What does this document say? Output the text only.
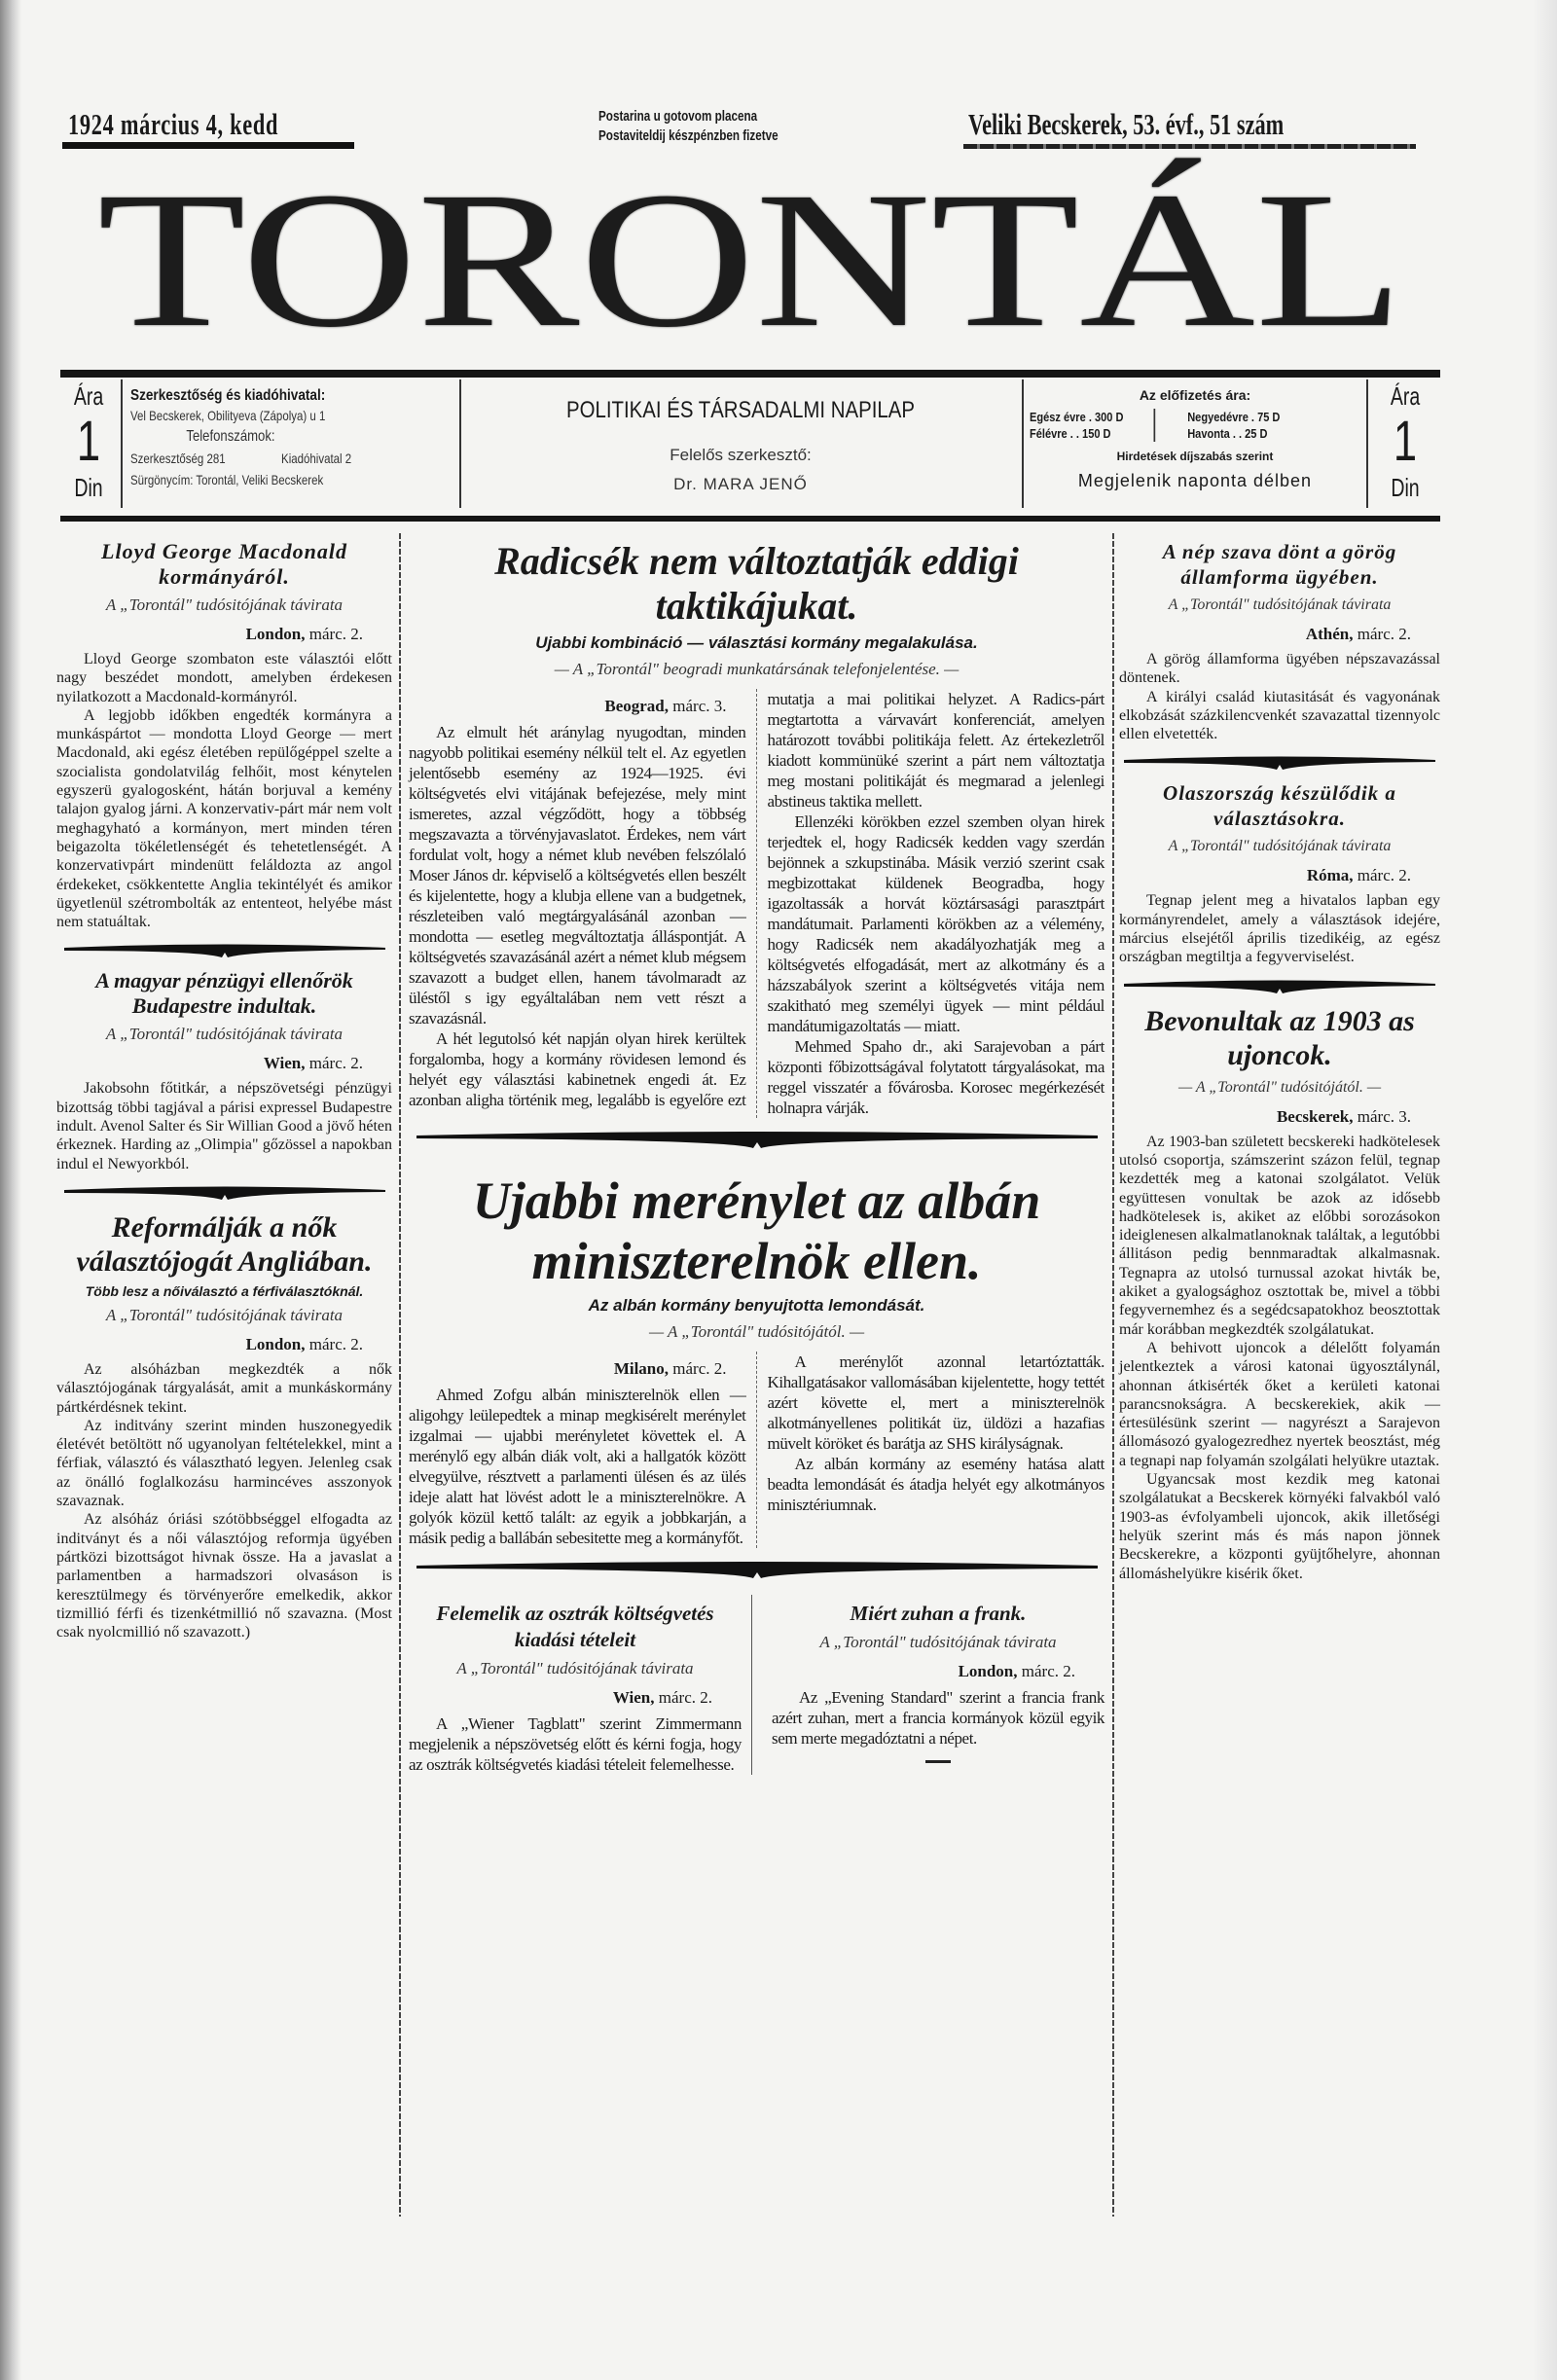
1924 március 4, kedd	Postarina u gotovom placena
Postaviteldij készpénzben fizetve	Veliki Becskerek, 53. évf., 51 szám
TORONTÁL
Ára
1
Din
Szerkesztőség és kiadóhivatal:
Vel Becskerek, Obilityeva (Zápolya) u 1
Telefonszámok:
Szerkesztőség 281	Kiadóhivatal 2
Sürgönycím: Torontál, Veliki Becskerek
POLITIKAI ÉS TÁRSADALMI NAPILAP
Felelős szerkesztő:
Dr. MARA JENŐ
Az előfizetés ára:
Egész évre . 300 D
Félévre . . 150 D
Negyedévre . 75 D
Havonta . . 25 D
Hirdetések díjszabás szerint
Megjelenik naponta délben
Ára
1
Din
Lloyd George Macdonald kormányáról.
A „Torontál" tudósitójának távirata
London, márc. 2.

Lloyd George szombaton este választói előtt nagy beszédet mondott, amelyben érdekesen nyilatkozott a Macdonald-kormányról.

A legjobb időkben engedték kormányra a munkáspártot — mondotta Lloyd George — mert Macdonald, aki egész életében repülőgéppel szelte a szocialista gondolatvilág felhőit, most kénytelen egyszerü gyalogosként, hátán borjuval a kemény talajon gyalog járni. A konzervativ-párt már nem volt meghagyható a kormányon, mert minden téren beigazolta tökéletlenségét és tehetetlenségét. A konzervativpárt mindenütt feláldozta az angol érdekeket, csökkentette Anglia tekintélyét és amikor ügyetlenül szétrombolták az ententeot, helyébe mást nem statuáltak.

A magyar pénzügyi ellenőrök Budapestre indultak.
A „Torontál" tudósitójának távirata
Wien, márc. 2.

Jakobsohn főtitkár, a népszövetségi pénzügyi bizottság többi tagjával a párisi expressel Budapestre indult. Avenol Salter és Sir Willian Good a jövő héten érkeznek. Harding az „Olimpia" gőzössel a napokban indul el Newyorkból.

Reformálják a nők választójogát Angliában.
Több lesz a nőiválasztó a férfiválasztóknál.
A „Torontál" tudósitójának távirata
London, márc. 2.

Az alsóházban megkezdték a nők választójogának tárgyalását, amit a munkáskormány pártkérdésnek tekint.

Az inditvány szerint minden huszonegyedik életévét betöltött nő ugyanolyan feltételekkel, mint a férfiak, választó és választható legyen. Jelenleg csak az önálló foglalkozásu harmincéves asszonyok szavaznak.

Az alsóház óriási szótöbbséggel elfogadta az inditványt és a női választójog reformja ügyében pártközi bizottságot hivnak össze. Ha a javaslat a parlamentben a harmadszori olvasáson is keresztülmegy és törvényerőre emelkedik, akkor tizmillió férfi és tizenkétmillió nő szavazna. (Most csak nyolcmillió nő szavazott.)

Radicsék nem változtatják eddigi taktikájukat.
Ujabbi kombináció — választási kormány megalakulása.
— A „Torontál" beogradi munkatársának telefonjelentése. —
Beograd, márc. 3.

Az elmult hét aránylag nyugodtan, minden nagyobb politikai esemény nélkül telt el. Az egyetlen jelentősebb esemény az 1924—1925. évi költségvetés elvi vitájának befejezése, mely mint ismeretes, azzal végződött, hogy a többség megszavazta a törvényjavaslatot. Érdekes, nem várt fordulat volt, hogy a német klub nevében felszólaló Moser János dr. képviselő a költségvetés ellen beszélt és kijelentette, hogy a klubja ellene van a budgetnek, részleteiben való megtárgyalásánál azonban — mondotta — esetleg megváltoztatja álláspontját. A költségvetés szavazásánál azért a német klub mégsem szavazott a budget ellen, hanem távolmaradt az üléstől s igy egyáltalában nem vett részt a szavazásnál.

A hét legutolsó két napján olyan hirek kerültek forgalomba, hogy a kormány rövidesen lemond és helyét egy választási kabinetnek engedi át. Ez azonban aligha történik meg, legalább is egyelőre ezt mutatja a mai politikai helyzet. A Radics-párt megtartotta a várvavárt konferenciát, amelyen határozott további politikája felett. Az értekezletről kiadott kommünüké szerint a párt nem változtatja meg mostani politikáját és megmarad a jelenlegi abstineus taktika mellett.

Ellenzéki körökben ezzel szemben olyan hirek terjedtek el, hogy Radicsék kedden vagy szerdán bejönnek a szkupstinába. Másik verzió szerint csak megbizottakat küldenek Beogradba, hogy igazoltassák a horvát köztársasági parasztpárt mandátumait. Parlamenti körökben az a vélemény, hogy Radicsék nem akadályozhatják meg a költségvetés elfogadását, mert az alkotmány és a házszabályok szerint a költségvetés vitája nem szakitható meg személyi ügyek — mint például mandátumigazoltatás — miatt.

Mehmed Spaho dr., aki Sarajevoban a párt központi főbizottságával folytatott tárgyalásokat, ma reggel visszatér a fővárosba. Korosec megérkezését holnapra várják.

Ujabbi merénylet az albán miniszterelnök ellen.
Az albán kormány benyujtotta lemondását.
— A „Torontál" tudósitójától. —
Milano, márc. 2.

Ahmed Zofgu albán miniszterelnök ellen — aligohgy leülepedtek a minap megkisérelt merénylet izgalmai — ujabbi merényletet követtek el. A merénylő egy albán diák volt, aki a hallgatók között elvegyülve, résztvett a parlamenti ülésen és az ülés ideje alatt hat lövést adott le a miniszterelnökre. A golyók közül kettő talált: az egyik a jobbkarján, a másik pedig a ballábán sebesitette meg a kormányfőt.

A merénylőt azonnal letartóztatták. Kihallgatásakor vallomásában kijelentette, hogy tettét azért követte el, mert a miniszterelnök alkotmányellenes politikát üz, üldözi a hazafias müvelt köröket és barátja az SHS királyságnak.

Az albán kormány az esemény hatása alatt beadta lemondását és átadja helyét egy alkotmányos minisztériumnak.

Felemelik az osztrák költségvetés kiadási tételeit
A „Torontál" tudósitójának távirata
Wien, márc. 2.

A „Wiener Tagblatt" szerint Zimmermann megjelenik a népszövetség előtt és kérni fogja, hogy az osztrák költségvetés kiadási tételeit felemelhesse.

Miért zuhan a frank.
A „Torontál" tudósitójának távirata
London, márc. 2.

Az „Evening Standard" szerint a francia frank azért zuhan, mert a francia kormányok közül egyik sem merte megadóztatni a népet.

A nép szava dönt a görög államforma ügyében.
A „Torontál" tudósitójának távirata
Athén, márc. 2.

A görög államforma ügyében népszavazással döntenek.

A királyi család kiutasitását és vagyonának elkobzását százkilencvenkét szavazattal tizennyolc ellen elvetették.

Olaszország készülődik a választásokra.
A „Torontál" tudósitójának távirata
Róma, márc. 2.

Tegnap jelent meg a hivatalos lapban egy kormányrendelet, amely a választások idejére, március elsejétől április tizedikéig, az egész országban megtiltja a fegyverviselést.

Bevonultak az 1903 as ujoncok.
— A „Torontál" tudósitójától. —
Becskerek, márc. 3.

Az 1903-ban született becskereki hadkötelesek utolsó csoportja, számszerint százon felül, tegnap kezdették meg a katonai szolgálatot. Velük együttesen vonultak be azok az idősebb hadkötelesek is, akiket az előbbi sorozásokon ideiglenesen alkalmatlanoknak találtak, a legutóbbi állitáson pedig bennmaradtak alkalmasnak. Tegnapra az utolsó turnussal azokat hivták be, akiket a gyalogsághoz osztottak be, mivel a többi fegyvernemhez és a segédcsapatokhoz beosztottak már korábban megkezdték szolgálatukat.

A behivott ujoncok a délelőtt folyamán jelentkeztek a városi katonai ügyosztálynál, ahonnan átkisérték őket a kerületi katonai parancsnokságra. A becskerekiek, akik — értesülésünk szerint — nagyrészt a Sarajevon állomásozó gyalogezredhez nyertek beosztást, még a tegnapi nap folyamán szolgálati helyükre utaztak.

Ugyancsak most kezdik meg katonai szolgálatukat a Becskerek környéki falvakból való 1903-as évfolyambeli ujoncok, akik illetőségi helyük szerint más és más napon jönnek Becskerekre, a központi gyüjtőhelyre, ahonnan állomáshelyükre kisérik őket.
